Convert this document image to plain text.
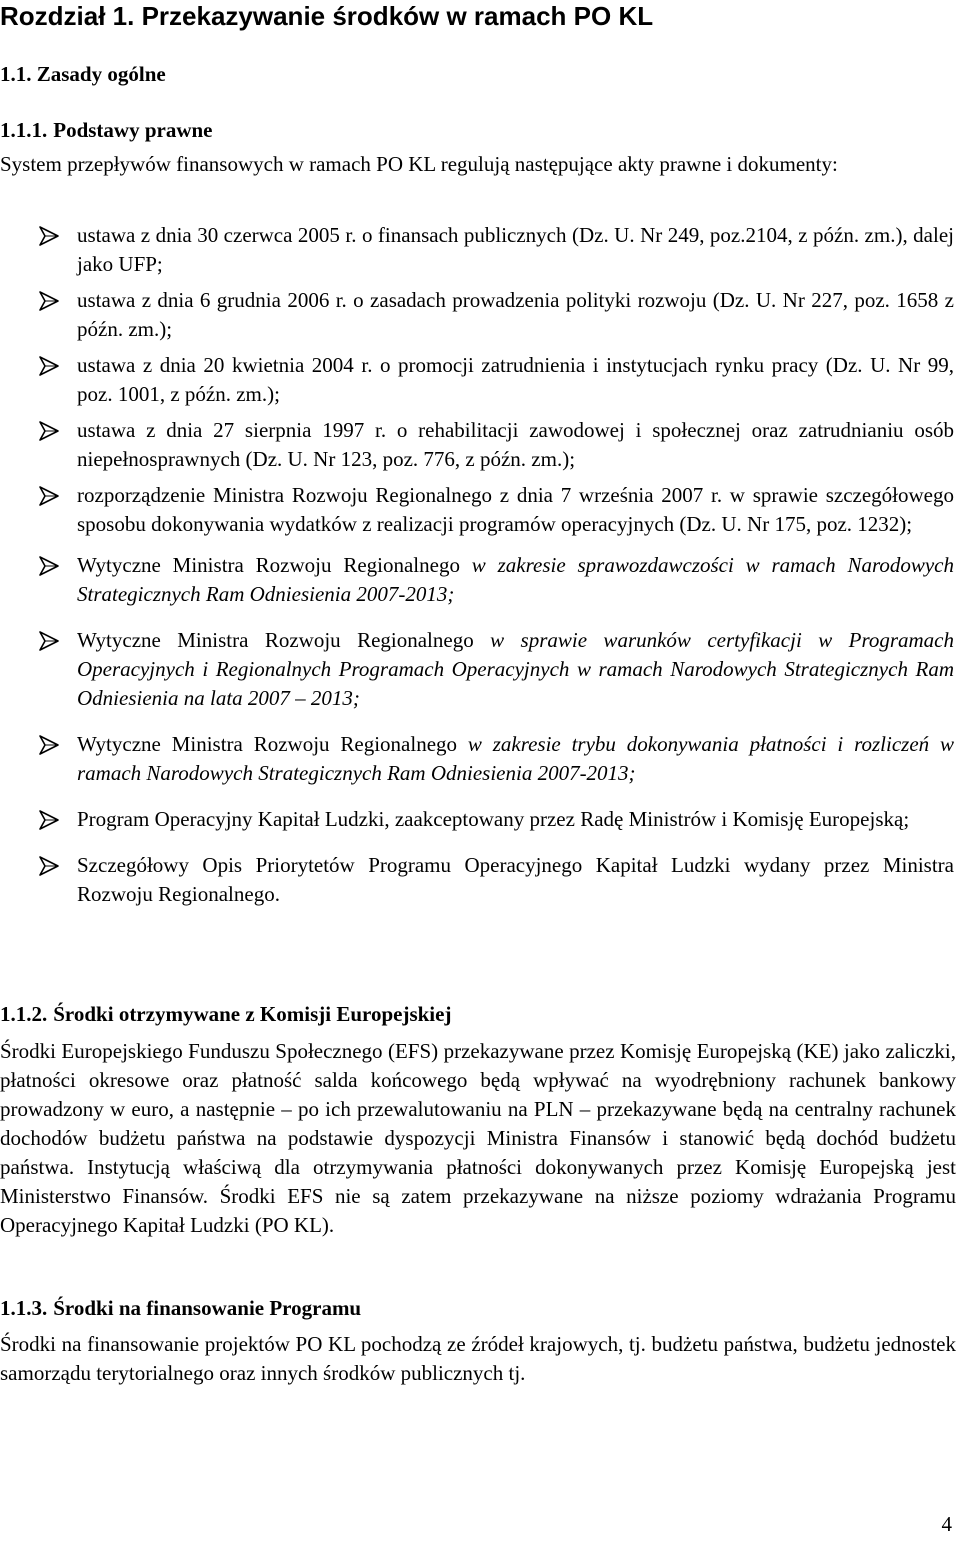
Rozdział 1. Przekazywanie środków w ramach PO KL
1.1. Zasady ogólne
1.1.1. Podstawy prawne

System przepływów finansowych w ramach PO KL regulują następujące akty prawne i dokumenty:

ustawa z dnia 30 czerwca 2005 r. o finansach publicznych (Dz. U. Nr 249, poz.2104, z późn. zm.), dalej jako UFP;
ustawa z dnia 6 grudnia 2006 r. o zasadach prowadzenia polityki rozwoju (Dz. U. Nr 227, poz. 1658 z późn. zm.);
ustawa z dnia 20 kwietnia 2004 r. o promocji zatrudnienia i instytucjach rynku pracy (Dz. U. Nr 99, poz. 1001, z późn. zm.);
ustawa z dnia 27 sierpnia 1997 r. o rehabilitacji zawodowej i społecznej oraz zatrudnianiu osób niepełnosprawnych (Dz. U. Nr 123, poz. 776, z późn. zm.);
rozporządzenie Ministra Rozwoju Regionalnego z dnia 7 września 2007 r. w sprawie szczegółowego sposobu dokonywania wydatków z realizacji programów operacyjnych (Dz. U. Nr 175, poz. 1232);
Wytyczne Ministra Rozwoju Regionalnego w zakresie sprawozdawczości w ramach Narodowych Strategicznych Ram Odniesienia 2007-2013;
Wytyczne Ministra Rozwoju Regionalnego w sprawie warunków certyfikacji w Programach Operacyjnych i Regionalnych Programach Operacyjnych w ramach Narodowych Strategicznych Ram Odniesienia na lata 2007 – 2013;
Wytyczne Ministra Rozwoju Regionalnego w zakresie trybu dokonywania płatności i rozliczeń w ramach Narodowych Strategicznych Ram Odniesienia 2007-2013;
Program Operacyjny Kapitał Ludzki, zaakceptowany przez Radę Ministrów i Komisję Europejską;
Szczegółowy Opis Priorytetów Programu Operacyjnego Kapitał Ludzki wydany przez Ministra Rozwoju Regionalnego.
1.1.2. Środki otrzymywane z Komisji Europejskiej

Środki Europejskiego Funduszu Społecznego (EFS) przekazywane przez Komisję Europejską (KE) jako zaliczki, płatności okresowe oraz płatność salda końcowego będą wpływać na wyodrębniony rachunek bankowy prowadzony w euro, a następnie – po ich przewalutowaniu na PLN – przekazywane będą na centralny rachunek dochodów budżetu państwa na podstawie dyspozycji Ministra Finansów i stanowić będą dochód budżetu państwa. Instytucją właściwą dla otrzymywania płatności dokonywanych przez Komisję Europejską jest Ministerstwo Finansów. Środki EFS nie są zatem przekazywane na niższe poziomy wdrażania Programu Operacyjnego Kapitał Ludzki (PO KL).

1.1.3. Środki na finansowanie Programu

Środki na finansowanie projektów PO KL pochodzą ze źródeł krajowych, tj. budżetu państwa, budżetu jednostek samorządu terytorialnego oraz innych środków publicznych tj.

4
